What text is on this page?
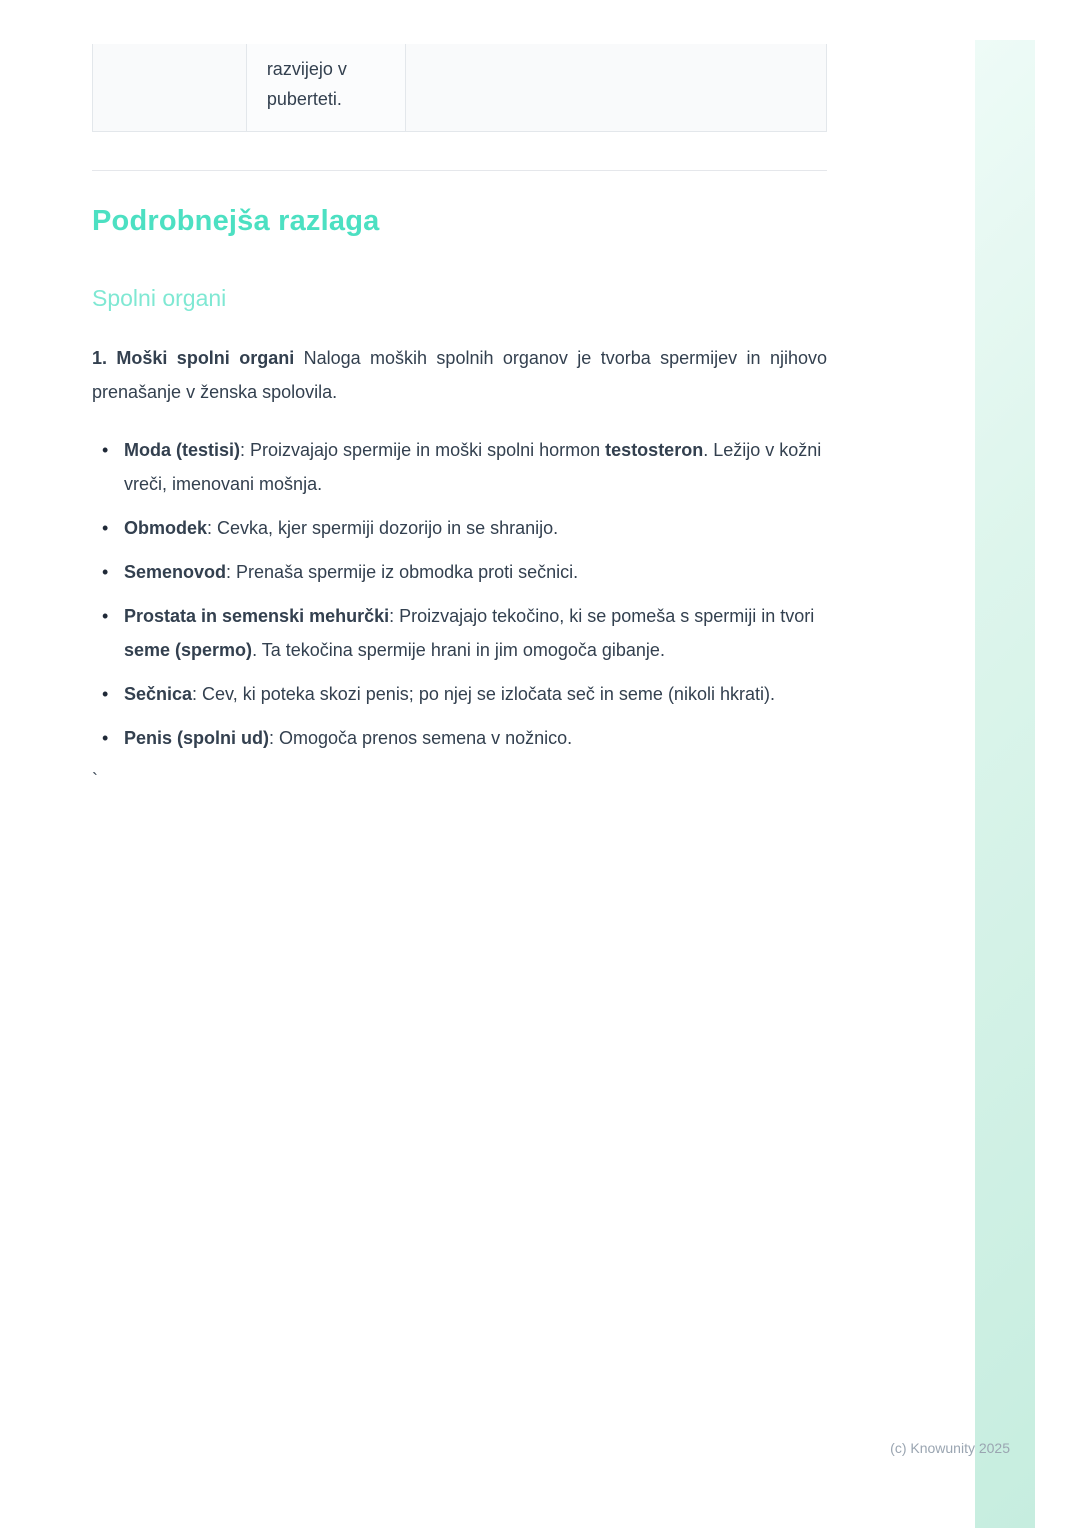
razvijejo v puberteti.
Podrobnejša razlaga
Spolni organi

1. Moški spolni organi Naloga moških spolnih organov je tvorba spermijev in njihovo prenašanje v ženska spolovila.

• Moda (testisi): Proizvajajo spermije in moški spolni hormon testosteron. Ležijo v kožni vreči, imenovani mošnja.
• Obmodek: Cevka, kjer spermiji dozorijo in se shranijo.
• Semenovod: Prenaša spermije iz obmodka proti sečnici.
• Prostata in semenski mehurčki: Proizvajajo tekočino, ki se pomeša s spermiji in tvori seme (spermo). Ta tekočina spermije hrani in jim omogoča gibanje.
• Sečnica: Cev, ki poteka skozi penis; po njej se izločata seč in seme (nikoli hkrati).
• Penis (spolni ud): Omogoča prenos semena v nožnico.
`
(c) Knowunity 2025
